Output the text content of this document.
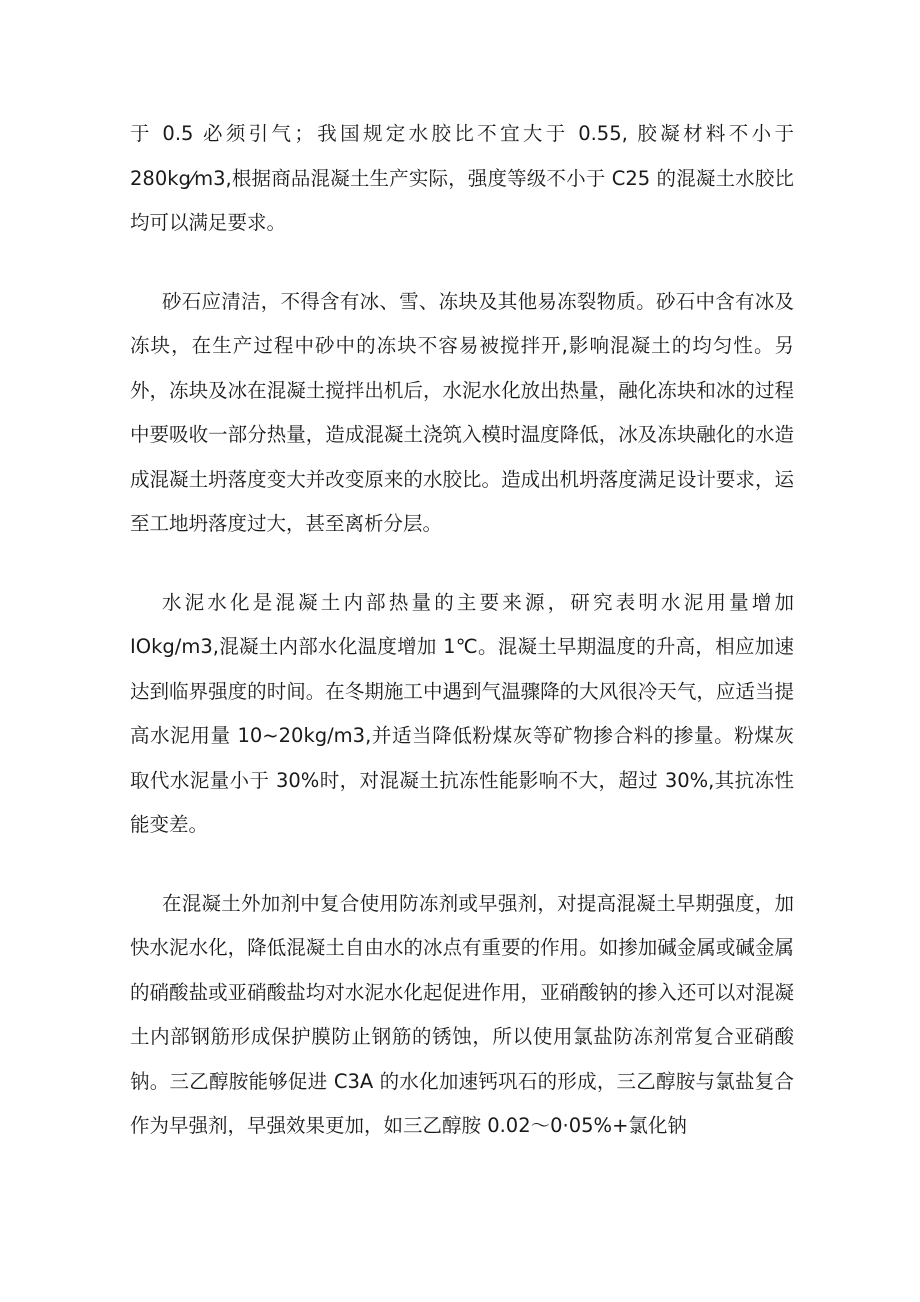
于 0.5 必须引气；我国规定水胶比不宜大于 0.55, 胶凝材料不小于 280kg⁄m3,根据商品混凝土生产实际，强度等级不小于 C25 的混凝土水胶比均可以满足要求。

砂石应清洁，不得含有冰、雪、冻块及其他易冻裂物质。砂石中含有冰及冻块，在生产过程中砂中的冻块不容易被搅拌开,影响混凝土的均匀性。另外，冻块及冰在混凝土搅拌出机后，水泥水化放出热量，融化冻块和冰的过程中要吸收一部分热量，造成混凝土浇筑入模时温度降低，冰及冻块融化的水造成混凝土坍落度变大并改变原来的水胶比。造成出机坍落度满足设计要求，运至工地坍落度过大，甚至离析分层。

水泥水化是混凝土内部热量的主要来源，研究表明水泥用量增加 IOkg/m3,混凝土内部水化温度增加 1℃。混凝土早期温度的升高，相应加速达到临界强度的时间。在冬期施工中遇到气温骤降的大风很冷天气，应适当提高水泥用量 10~20kg/m3,并适当降低粉煤灰等矿物掺合料的掺量。粉煤灰取代水泥量小于 30%时，对混凝土抗冻性能影响不大，超过 30%,其抗冻性能变差。

在混凝土外加剂中复合使用防冻剂或早强剂，对提高混凝土早期强度，加快水泥水化，降低混凝土自由水的冰点有重要的作用。如掺加碱金属或碱金属的硝酸盐或亚硝酸盐均对水泥水化起促进作用，亚硝酸钠的掺入还可以对混凝土内部钢筋形成保护膜防止钢筋的锈蚀，所以使用氯盐防冻剂常复合亚硝酸钠。三乙醇胺能够促进 C3A 的水化加速钙巩石的形成，三乙醇胺与氯盐复合作为早强剂，早强效果更加，如三乙醇胺 0.02～0·05%+氯化钠
